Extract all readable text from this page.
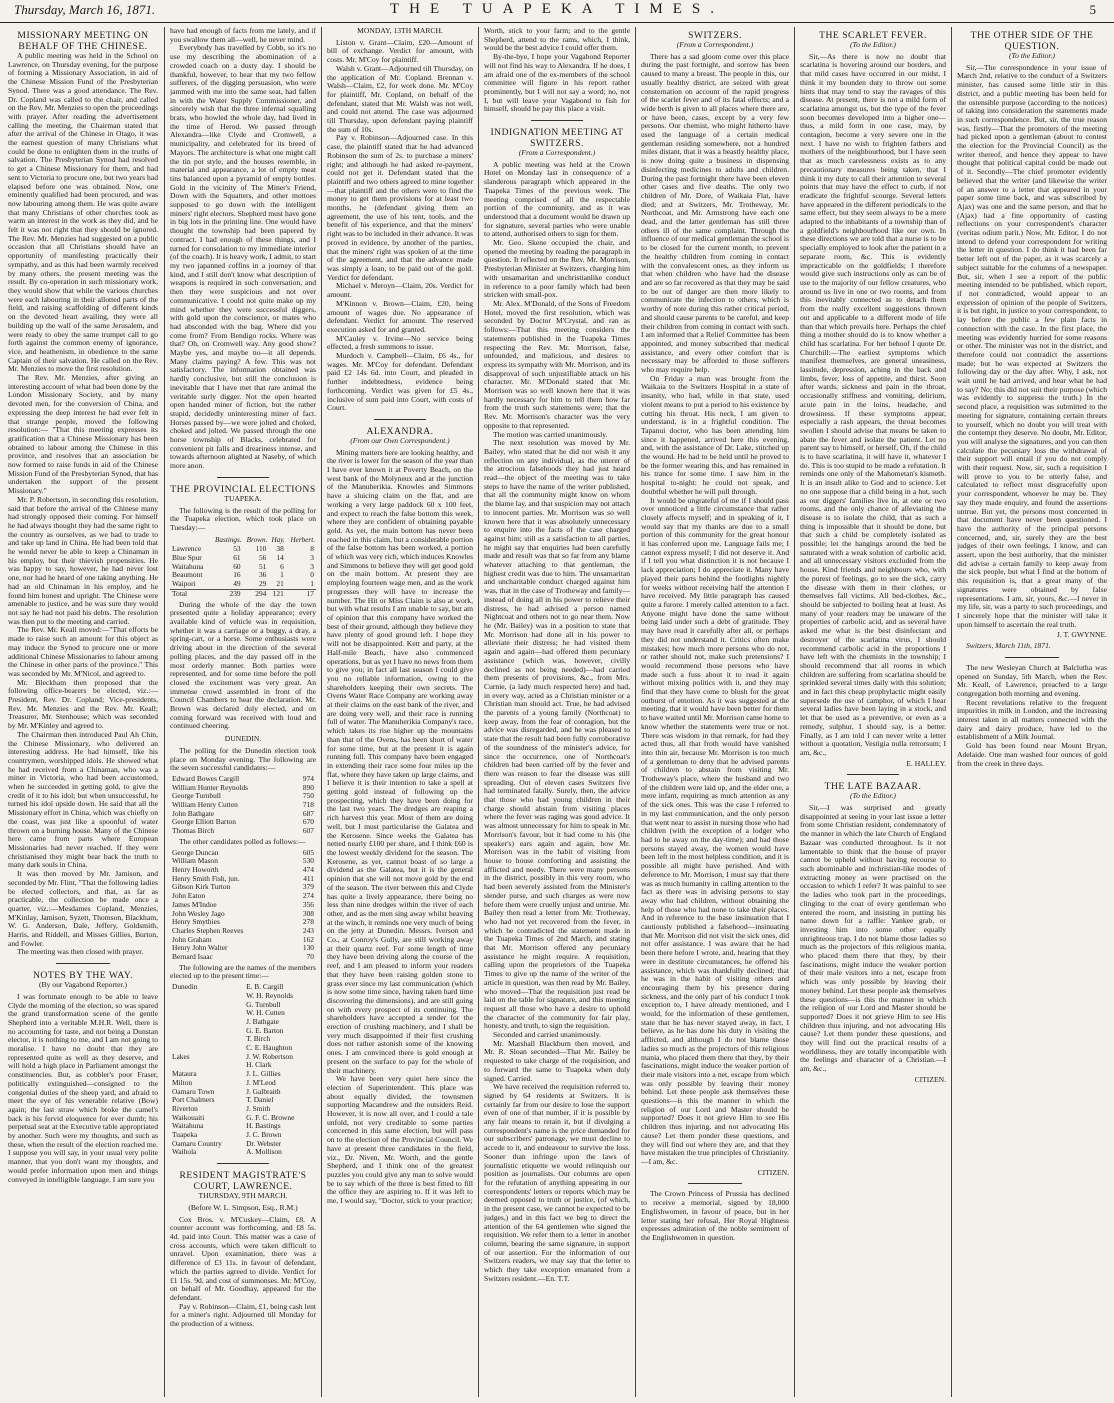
Thursday, March 16, 1871.	THE TUAPEKA TIMES.	5
MISSIONARY MEETING ON BEHALF OF THE CHINESE.

A public meeting was held in the School on Lawrence, on Thursday evening, for the purpose of forming a Missionary Association, in aid of the Chinese Mission Fund of the Presbyterian Synod. There was a good attendance. The Rev. Dr. Copland was called to the chair, and called on the Rev. Mr. Menzies to open the proceedings with prayer. After reading the advertisement calling the meeting, the Chairman stated that after the arrival of the Chinese in Otago, it was the earnest question of many Christians what could be done to enlighten them in the truths of salvation. The Presbyterian Synod had resolved to get a Chinese Missionary for them, and had sent to Victoria to procure one, but two years had elapsed before one was obtained. Now, one eminently qualified had been procured, and was now labouring among them. He was quite aware that many Christians of other churches took as warm an interest in the work as they did, and he felt it was not right that they should be ignored. The Rev. Mr. Menzies had suggested on a public occasion that all Christians should have an opportunity of manifesting practically their sympathy, and as this had been warmly received by many others, the present meeting was the result. By co-operation in such missionary work, they would show that while the various churches were each labouring in their allotted parts of the field, and raising scaffolding of different kinds on the devoted heart availing, they were all building up the wall of the same Jerusalem, and were ready to obey the same trumpet call to go forth against the common enemy of ignorance, vice, and heathenism, in obedience to the same Captain of their salvation. He called on the Rev. Mr. Menzies to move the first resolution.

The Rev. Mr. Menzies, after giving an interesting account of what had been done by the London Missionary Society, and by many devoted men, for the conversion of China, and expressing the deep interest he had ever felt in that strange people, moved the following resolution:— "That this meeting expresses its gratification that a Chinese Missionary has been obtained to labour among the Chinese in this province, and resolves that an association be now formed to raise funds in aid of the Chinese Mission Fund of the Presbyterian Synod, that has undertaken the support of the present Missionary."

Mr. P. Robertson, in seconding this resolution, said that before the arrival of the Chinese many had strongly opposed their coming. For himself he had always thought they had the same right to the country as ourselves, as we had to trade to and take up land in China. He had been told that he would never be able to keep a Chinaman in his employ, but their thievish propensities. He was happy to say, however, he had never lost one, nor had he heard of one taking anything. He had an old Chinaman in his employ, and he found him honest and upright. The Chinese were amenable to justice, and he was sure they would not say he had not paid his debts. The resolution was then put to the meeting and carried.

The Rev. Mr. Keall moved:—"That efforts be made to raise such an amount for this object as may induce the Synod to procure one or more additional Chinese Missionaries to labour among the Chinese in other parts of the province." This was seconded by Mr. M'Nicol, and agreed to.

Mr. Bleckham then proposed that the following office-bearers be elected, viz.:—President, Rev. Dr. Copland; Vice-presidents, Rev. Mr. Menzies and the Rev. Mr. Keall; Treasurer, Mr. Stenhouse; which was seconded by Mr. M'Kinley and agreed to.

The Chairman then introduced Paul Ah Chin, the Chinese Missionary, who delivered an interesting address. He had himself, like his countrymen, worshipped idols. He showed what he had received from a Chinaman, who was a miner in Victoria, who had been accustomed, when he succeeded in getting gold, to give the credit of it to his idol; but when unsuccessful, he turned his idol upside down. He said that all the Missionary effort in China, which was chiefly on the coast, was just like a spoonful of water thrown on a burning house. Many of the Chinese here came from parts where European Missionaries had never reached. If they were christianised they might bear back the truth to many dark souls in China.

It was then moved by Mr. Jamison, and seconded by Mr. Flint, "That the following ladies be elected collectors, and that, as far as practicable, the collection be made once a quarter, viz.:—Mesdames Copland, Menzies, M'Kinlay, Jamison, Syzett, Thomson, Blackham, W. G. Anderson, Dale, Jeffery, Goldsmith, Harris, and Riddell, and Misses Gillies, Burton, and Fowler.

The meeting was then closed with prayer.

NOTES BY THE WAY.
(By our Vagabond Reporter.)

I was fortunate enough to be able to leave Clyde the morning of the election, so was spared the grand transformation scene of the gentle Shepherd into a veritable M.H.R. Well, there is no accounting for taste, and not being a Dunstan elector, it is nothing to me, and I am not going to moralise. I have no doubt that they are represented quite as well as they deserve, and will hold a high place in Parliament amongst the constituencies. But, as cobbler's poor Fraser, politically extinguished—consigned to the congenial duties of the sheep yard, and afraid to meet the eye of his venerable relative (Bow) again; the last straw which broke the camel's back is his fervid eloquence for ever dumb; his perpetual seat at the Executive table appropriated by another. Such were my thoughts, and such as these, when the result of the election reached me. I suppose you will say, in your usual very polite manner, that you don't want my thoughts, and would prefer information upon men and things conveyed in intelligible language. I am sure you

have had enough of facts from me lately, and if you swallow them all—well, he never mind.

Everybody has travelled by Cobb, so it's no use my describing the abomination of a crowded coach on a dusty day. I should be thankful, however, to hear that my two fellow sufferers, of the digging persuasion, who were jammed with me into the same seat, had fallen in with the Water Supply Commissioner, and sincerely wish that the three infernal squalling brats, who howled the whole day, had lived in the time of Herod. We passed through Alexandra—like Clyde and Cromwell, a municipality, and celebrated for its breed of Mayors. The architecture is what one might call the tin pot style, and the houses resemble, in material and appearance, a lot of empty meat tins balanced upon a pyramid of empty bottles. Gold in the vicinity of The Miner's Friend, Down with the Squatters, and other mottoes supposed to go down with the intelligent miners' right electors. Shepherd must have gone in big lots in the printing line. One would have thought the township had been papered by contract. I had enough of these things, and I turned for consolation to my immediate interior (of the coach). It is heavy work, I admit, to start my two japanned coffins in a journey of that kind, and I still don't know what description of weapons is required in such conversation, and then they were suspicious and not over communicative. I could not quite make up my mind whether they were successful diggers, with gold upon the conscience, or mates who had absconded with the bag. Where did you come from? From Bendigo rocks. Where was that? Oh, on Cromwell way. Any good show? Maybe yes, and maybe no—it all depends. Many claims paying? A few. This was not satisfactory. The information obtained was hardly conclusive, but still the conclusion is inevitable that I have met that rare animal the veritable surly digger. Not the open hearted open handed miner of fiction, but the rather stupid, decidedly uninteresting miner of fact. Horses passed by—we were jolted and choked, choked and jolted. We passed through the one horse township of Blacks, celebrated for convenient pit falls and dreariness intense, and towards afternoon alighted at Naseby, of which more anon.

THE PROVINCIAL ELECTIONS
TUAPEKA.

The following is the result of the polling for the Tuapeka election, which took place on Tuesday:—

	Bastings.	Brown.	Hay.	Herbert.
Lawrence	53	110	38	8
Blue Spur	61	56	14	3
Waitahuna	60	51	6	3
Beaumont	16	36	1	0
Waipori	49	29	21	1
Total	239	294	121	17

During the whole of the day the town presented quite a holiday appearance; every available kind of vehicle was in requisition, whether it was a carriage or a buggy, a dray, a spring-cart, or a horse. Some enthusiasts were driving about in the direction of the several polling places, and the day passed off in the most orderly manner. Both parties were represented, and for some time before the poll closed the excitement was very great. An immense crowd assembled in front of the Council Chambers to hear the declaration. Mr. Brown was declared duly elected, and on coming forward was received with loud and continued cheering.

DUNEDIN.

The polling for the Dunedin election took place on Monday evening. The following are the seven successful candidates:—

Edward Bowes Cargill	974
William Hunter Reynolds	890
George Turnbull	750
William Henry Cutten	718
John Bathgate	687
George Elliott Barton	670
Thomas Birch	607

The other candidates polled as follows:—

George Duncan	605
William Mason	530
Henry Howorth	474
Henry Smith Fish, jun.	411
Gibson Kirk Turton	379
John Eaton	274
James M'Indoe	356
John Wesley Jago	308
Henry Smythies	278
Charles Stephen Reeves	243
John Graham	162
Henry John Walter	130
Bernard Isaac	70

The following are the names of the members elected up to the present time:—

Dunedin	E. B. Cargill
	W. H. Reynolds
	G. Turnbull
	W. H. Cutten
	J. Bathgate
	G. E. Barton
	T. Birch
	C. E. Haughton
Lakes	J. W. Robertson
	H. Clark
Mataura	J. L. Gillies
Milton	J. M'Leod
Oamaru Town	J. Galbraith
Port Chalmers	T. Daniel
Riverton	J. Smith
Waikouaiti	G. F. C. Browne
Waitahuna	H. Bastings
Tuapeka	J. C. Brown
Oamaru Country	Dr. Webster
Waihola	A. Mollison
RESIDENT MAGISTRATE'S COURT, LAWRENCE.
THURSDAY, 9TH MARCH.
(Before W. L. Simpson, Esq., R.M.)

Cox Bros. v. M'Cuskey—Claim, £8. A counter account was forthcoming, and £8 5s. 4d. paid into Court. This matter was a case of cross accounts, which were taken difficult to unravel. Upon examination, there was a difference of £3 11s. in favour of defendant, which the parties agreed to divide. Verdict for £1 15s. 9d. and cost of summonses. Mr. M'Coy, on behalf of Mr. Goodhay, appeared for the defendant.

Pay v. Robinson—Claim, £1, being cash lent for a miner's right. Adjourned till Monday for the production of a witness.

MONDAY, 13TH MARCH.

Liston v. Grant—Claim, £20—Amount of bill of exchange. Verdict for amount, with costs. Mr. M'Coy for plaintiff.

Walsh v. Grant—Adjourned till Thursday, on the application of Mr. Copland. Brennan v. Walsh—Claim, £2, for work done. Mr. M'Coy for plaintiff, Mr. Copland, on behalf of the defendant, stated that Mr. Walsh was not well, and could not attend. The case was adjourned till Thursday, upon defendant paying plaintiff the sum of 10s.

Pay v. Robinson—Adjourned case. In this case, the plaintiff stated that he had advanced Robinson the sum of 2s. to purchase a miners' right; and although he had asked re-payment, could not get it. Defendant stated that the plaintiff and two others agreed to mine together—that plaintiff and the others were to find the money to get them provisions for at least two months, he (defendant giving them an agreement, the use of his tent, tools, and the benefit of his experience, and that the miners' right was to be included in their advance. It was proved in evidence, by another of the parties, that the miners' right was spoken of at the time of the agreement, and that the advance made was simply a loan, to be paid out of the gold. Verdict for defendant.

Michael v. Meroyn—Claim, 20s. Verdict for amount.

M'Kinnon v. Brown—Claim, £20, being amount of wages due. No appearance of defendant. Verdict for amount. The reserved execution asked for and granted.

M'Cauley v. Irvine—No service being effected, a fresh summons to issue.

Murdoch v. Campbell—Claim, £6 4s., for wages. Mr. M'Coy for defendant. Defendant paid £2 14s 6d. into Court, and pleaded in further indebtedness, evidence being forthcoming. Verdict was given for £5 4s., inclusive of sum paid into Court, with costs of Court.

ALEXANDRA.
(From our Own Correspondent.)

Mining matters here are looking healthy, and the river is lower for the season of the year than I have ever known it at Poverty Beach, on the west bank of the Molyneux and at the junction of the Manuherikia. Knowles and Simmons have a sluicing claim on the flat, and are working a very large paddock 60 x 100 feet, and expect to reach the false bottom this week, where they are confident of obtaining payable gold. As yet, the main bottom has never been reached in this claim, but a considerable portion of the false bottom has been worked, a portion of which was very rich, which induces Knowles and Simmons to believe they will get good gold on the main bottom. At present they are employing fourteen wage men, and as the work progresses they will have to increase the number. The Hit or Miss Claim is also at work, but with what results I am unable to say, but am of opinion that this company have worked the best of their ground, although they believe they have plenty of good ground left. I hope they will not be disappointed. Kett and party, at the Half-mile Beach, have also commenced operations, but as yet I have no news from them to give you; in fact all last season I could give you no reliable information, owing to the shareholders keeping their own secrets. The Ovens Water Race Company are working away at their claims on the east bank of the river, and are doing very well, and their race is running full of water. The Manuherikia Company's race, which takes its rise higher up the mountains than that of the Ovens, has been short of water for some time, but at the present it is again running full. This company have been engaged in extending their race some four miles up the flat, where they have taken up large claims, and I believe it is their intention to take a spell at getting gold instead of following up the prospecting, which they have been doing for the last two years. The dredges are reaping a rich harvest this year. Most of them are doing well, but I must particularise the Galatea and the Kerosene. Since weeks the Galatea has netted nearly £100 per share, and I think £60 is the lowest weekly dividend for the season. The Kerosene, as yet, cannot boast of so large a dividend as the Galatea, but it is the general opinion that she will not move gold by the end of the season. The river between this and Clyde has quite a lively appearance, there being no less than nine dredges within the river of each other, and as the men sing away whilst heaving at the winch, it reminds one very much of being on the jetty at Dunedin. Messrs. Iverson and Co., at Conroy's Gully, are still working away at their quartz reef. For some length of time they have been driving along the course of the reef, and I am pleased to inform your readers that they have been raising golden stone to grass ever since my last communication (which is now some time since, having taken hard time discovering the dimensions), and are still going on with every prospect of its continuing. The shareholders have accepted a tender for the erection of crushing machinery, and I shall be very much disappointed if their first crushing does not rather astonish some of the knowing ones. I am convinced there is gold enough at present on the surface to pay for the whole of their machinery.

We have been very quiet here since the election of Superintendent. This place was about equally divided, the townsmen supporting Macandrew and the outsiders Reid. However, it is now all over, and I could a tale unfold, not very creditable to some parties concerned in this same election, but will pass on to the election of the Provincial Council. We have at present three candidates in the field, viz., Dr. Niven, Mr. Worth, and the gentle Shepherd, and I think one of the greatest puzzles you could give any man to solve would be to say which of the three is best fitted to fill the office they are aspiring to. If it was left to me, I would say, "Doctor, stick to your practice;

Worth, stick to your farm; and to the gentle Shepherd, attend to the rams, which, I think, would be the best advice I could offer them.

By-the-bye, I hope your Vagabond Reporter will not find his way to Alexandra. If he does, I am afraid one of the ex-members of the school committee will figure in his report rather prominently, but I will not say a word; no, not I, but will leave your Vagabond to fish for himself, should he pay this place a visit.

INDIGNATION MEETING AT SWITZERS.
(From a Correspondent.)

A public meeting was held at the Crown Hotel on Monday last in consequence of a slanderous paragraph which appeared in the Tuapeka Times of the previous week. The meeting comprised of all the respectable portion of the community, and as it was understood that a document would be drawn up for signature, several parties who were unable to attend, authorised others to sign for them.

Mr. Geo. Skene occupied the chair, and opened the meeting by reading the paragraph in question. It reflected on the Rev. Mr. Morrison, Presbyterian Minister at Switzers, charging him with unsamaritan and unchristianlike conduct in reference to a poor family which had been stricken with small-pox.

Mr. Alex. M'Donald, of the Sons of Freedom Hotel, moved the first resolution, which was seconded by Doctor M'Crystal, and ran as follows:—That this meeting considers the statements published in the Tuapeka Times respecting the Rev. Mr. Morrison, false, unfounded, and malicious, and desires to express its sympathy with Mr. Morrison, and its disapproval of such unjustifiable attack on his character. Mr. M'Donald stated that Mr. Morrison was so well known here that it was hardly necessary for him to tell them how far from the truth such statements were; that the Rev. Mr. Morrison's character was the very opposite to that represented.

The motion was carried unanimously.

The next resolution was moved by Mr. Bailey, who stated that he did not wish it any reflection on any individual, as the utterer of the atrocious falsehoods they had just heard read—the object of the meeting was to take steps to have the name of the writer published, that all the community might know on whom the blame lay, and that suspicion may not attach to innocent parties. Mr. Morrison was so well known here that it was absolutely unnecessary to enquire into the facts of the case charged against him; still as a satisfaction to all parties, he might say that enquiries had been carefully made and result was that so far from any blame whatever attaching to that gentleman, the highest credit was due to him. The unsamaritan and uncharitable conduct charged against him was, that in the case of Trotheway and family—instead of doing all in his power to relieve their distress, he had advised a person named Nightcoat and others not to go near them. Now he (Mr. Bailey) was in a position to state that Mr. Morrison had done all in his power to alleviate their distress; he had visited them again and again—had offered them pecuniary assistance (which was, however, civilly declined as not being needed)—had carried them presents of provisions, &c., from Mrs. Curnie, (a lady much respected here) and had, in every way, acted as a Christian minister or a Christian man should act. True, he had advised the parents of a young family (Northcoat) to keep away, from the fear of contagion, but the advice was disregarded, and he was pleased to state that the result had been fully corroborative of the soundness of the minister's advice, for since the occurrence, one of Northcoat's children had been carried off by the fever and there was reason to fear the disease was still spreading. Out of eleven cases Switzers five had terminated fatally. Surely, then, the advice that those who had young children in their charge should abstain from visiting places where the fever was raging was good advice. It was almost unnecessary for him to speak in Mr. Morrison's favour, but it had come to his (the speaker's) ears again and again, how Mr. Morrison was in the habit of visiting from house to house comforting and assisting the afflicted and needy. There were many persons in the district, possibly in this very room, who had been severely assisted from the Minister's slender purse, and such charges as were now before them were cruelly unjust and untrue. Mr. Bailey then read a letter from Mr. Trotheway, who had not yet recovered from the fever, in which he contradicted the statement made in the Tuapeka Times of 2nd March, and stating that Mr. Morrison offered any pecuniary assistance he might require. A requisition, calling upon the proprietors of the Tuapeka Times to give up the name of the writer of the article in question, was then read by Mr. Bailey, who moved—That the requisition just read be laid on the table for signature, and this meeting request all those who have a desire to uphold the character of the community for fair play, honesty, and truth, to sign the requisition.

Seconded and carried unanimously.

Mr. Marshall Blackburn then moved, and Mr. R. Sloan seconded—That Mr. Bailey be requested to take charge of the requisition, and to forward the same to Tuapeka when duly signed. Carried.

We have received the requisition referred to, signed by 64 residents at Switzers. It is certainly far from our desire to lose the support even of one of that number, if it is possible by any fair means to retain it, but if divulging a correspondent's name is the price demanded for our subscribers' patronage, we must decline to accede to it, and endeavour to survive the loss. Sooner than infringe upon the laws of journalistic etiquette we would relinquish our position as journalists. Our columns are open for the refutation of anything appearing in our correspondents' letters or reports which may be deemed opposed to truth or justice, (of which, in the present case, we cannot be expected to be judges,) and in this fact we beg to direct the attention of the 64 gentlemen who signed the requisition. We refer them to a letter in another column, bearing the same signature, in support of our assertion. For the information of our Switzers readers, we may say that the letter to which they take exception emanated from a Switzers resident.—En. T.T.

SWITZERS.
(From a Correspondent.)

There has a sad gloom come over this place during the past fortnight, and sorrow has been caused to many a breast. The people in this, our usually healthy district, are seized with great consternation on account of the rapid progress of the scarlet fever and of its fatal effects; and a wide berth is given to all places where there are, or have been, cases, except by a very few persons. Our chemist, who might hitherto have used the language of a certain medical gentleman residing somewhere, not a hundred miles distant, that it was a beastly healthy place, is now doing quite a business in dispensing disinfecting medicines to adults and children. During the past fortnight there have been eleven other cases and five deaths. The only two children of Mr. Dore, of Waikaia Flat, have died; and at Switzers, Mr. Trotheway, Mr. Northcoat, and Mr. Armstrong have each one dead, and the latter gentleman has still three others ill of the same complaint. Through the influence of our medical gentleman the school is to be closed for the current month, to prevent the healthy children from coming in contact with the convalescent ones, as they inform us that when children who have had the disease and are so far recovered as that they may be said to be out of danger are then more likely to communicate the infection to others, which is worthy of note during this rather critical period, and should cause parents to be careful, and keep their children from coming in contact with such. I am informed that a Relief Committee has been appointed, and money subscribed that medical assistance, and every other comfort that is necessary may be afforded to those sufferers who may require help.

On Friday a man was brought from the Waikaia to the Switzers Hospital in a state of insanity, who had, while in that state, used violent means to put a period to his existence by cutting his throat. His neck, I am given to understand, is in a frightful condition. The Tapanui doctor, who has been attending him since it happened, arrived here this evening, and, with the assistance of Dr. Lake, stitched up the wound. He had to be held until he proved to be the former wearing this, and has remained in his trance for some time. I saw him in the hospital to-night: he could not speak, and doubtful whether he will pull through.

It would be ungrateful of me if I should pass over unnoticed a little circumstance that rather closely affects myself; and in speaking of it, I would say that my thanks are due to a small portion of this community for the great honour it has conferred upon me. Language fails me; I cannot express myself; I did not deserve it. And if I tell you what distinction it is not because I lack appreciation; I do appreciate it. Many have played their parts behind the footlights nightly for weeks without receiving half the attention I have received. My little paragraph has caused quite a furore. I merely called attention to a fact. Anyone might have done the same without being laid under such a debt of gratitude. They may have read it carefully after all, or perhaps they did not understand it. Critics often make mistakes; how much more persons who do not, or rather should not, make such pretensions? I would recommend those persons who have made such a fuss about it to read it again without mixing politics with it, and they may find that they have come to blush for the great outburst of emotion. As it was suggested at the meeting, that it would have been better for them to have waited until Mr. Morrison came home to know whether the statements were true or not. There was wisdom in that remark, for had they acted thus, all that froth would have vanished into thin air, because Mr. Morrison is too much of a gentleman to deny that he advised parents of children to abstain from visiting Mr. Trotheway's place, where the husband and two of the children were laid up, and the elder one, a mere infant, requiring as much attention as any of the sick ones. This was the case I referred to in my last communication, and the only person that went near to assist in nursing those who had children (with the exception of a lodger who had to be away on the day-time); and had those persons stayed away, the women would have been left in the most helpless condition, and it is possible all might have perished. And with deference to Mr. Morrison, I must say that there was as much humanity in calling attention to the fact as there was in advising persons to stay away who had children, without obtaining the help of those who had none to take their places. And in reference to the base insinuation that I cautiously published a falsehood—insinuating that Mr. Morrison did not visit the sick ones, did not offer assistance. I was aware that he had been there before I wrote, and, hearing that they were in destitute circumstances, he offered his assistance, which was thankfully declined; that he was in the habit of visiting others and encouraging them by his presence during sickness, and the only part of his conduct I took exception to, I have already mentioned, and I would, for the information of these gentlemen, state that he has never stayed away, in fact, I believe, as he has done his duty in visiting the afflicted, and although I do not blame those ladies so much as the projectors of this religious mania, who placed them there that they, by their fascinations, might induce the weaker portion of their male visitors into a net, escape from which was only possible by leaving their money behind. Let these people ask themselves these questions—is this the manner in which the religion of our Lord and Master should be supported? Does it not grieve Him to see His children thus injuring, and not advocating His cause? Let them ponder these questions, and they will find out where they are, and that they have mistaken the true principles of Christianity.—I am, &c.

CITIZEN.

The Crown Princess of Prussia has declined to receive a memorial, signed by 18,000 Englishwomen, in favour of peace, but in her letter stating her refusal, Her Royal Highness expresses admiration of the noble sentiment of the Englishwomen in question.

THE SCARLET FEVER.
(To the Editor.)

Sir,—As there is now no doubt that scarlatina is hovering around our borders, and that mild cases have occurred in our midst, I think it my bounden duty to throw out some hints that may tend to stay the ravages of this disease. At present, there is not a mild form of scarlatina amongst us, but the type of the fever soon becomes developed into a higher one—thus, a mild form in one case, may, by contagion, become a very severe one in the next. I have no wish to frighten fathers and mothers of the neighbourhood, but I have seen that as much carelessness exists as to any precautionary measures being taken, that I think it my duty to call their attention to several points that may have the effect to curb, if not eradicate the frightful scourge. Several letters have appeared in the different periodicals to the same effect, but they seem always to be a mere adapted to the inhabitants of a township than of a goldfield's neighbourhood like our own. In these directions we are told that a nurse is to be specially employed to look after the patient in a separate room, &c. This is evidently impracticable on the goldfields; I therefore would give such instructions only as can be of use to the majority of our fellow creatures, who around us live in one or two rooms, and from this inevitably connected as to detach them from the really excellent suggestions thrown out and applicable to a different mode of life than that which prevails here. Perhaps the chief thing a mother should do is to know whether a child has scarlatina. For her behoof I quote Dr. Churchill:—The earliest symptoms which manifest themselves, are general uneasiness, lassitude, depression, aching in the back and limbs, fever, loss of appetite, and thirst. Soon after wards, sickness and pain in the throat, occasionally stiffness and vomiting, delirium, acute pain in the loins, headache, and drowsiness. If these symptoms appear, especially a rash appears, the throat becomes swollen I should advise that means be taken to abate the fever and isolate the patient. Let no parent say to himself, or herself, Oh, if the child is to have scarlatina, it will have it, whatever I do. This is too stupid to be made a refutation. It reminds one only of the Mahometan's kismeth. It is an insult alike to God and to science. Let no one suppose that a child being in a hut, such as our diggers' families live in, at one or two rooms, and the only chance of alleviating the disease is to isolate the child, that as such a thing is impossible that it should be done, but that such a child be completely isolated as possible; let the hangings around the bed be saturated with a weak solution of carbolic acid, and all unnecessary visitors excluded from the house. Kind friends and neighbours who, with the purest of feelings, go to see the sick, carry the disease with them in their clothes, or themselves fall victims. All bed-clothes, &c., should be subjected to boiling heat at least. As many of your readers may be unaware of the properties of carbolic acid, and as several have asked me what is the best disinfectant and destroyer of the scarlatina virus, I should recommend carbolic acid in the proportions I have left with the chemists in the township; I should recommend that all rooms in which children are suffering from scarlatina should be sprinkled several times daily with this solution; and in fact this cheap prophylactic might easily supersede the use of camphor, of which I hear several ladies have been laying in a stock, and let that be used as a preventive, or even as a remedy, sulphur, I should say, is a better. Finally, as I am told I can never write a letter without a quotation, Vestigia nulla retrorsum; I am, &c.,

E. HALLEY.
THE LATE BAZAAR.
(To the Editor.)

Sir,—I was surprised and greatly disappointed at seeing in your last issue a letter from some Christian resident, condemnatory of the manner in which the late Church of England Bazaar was conducted throughout. Is it not lamentable to think that the house of prayer cannot be upheld without having recourse to such abominable and inchristian-like modes of extracting money as were practised on the occasion to which I refer? It was painful to see the ladies who took part in the proceedings, clinging to the coat of every gentleman who entered the room, and insisting in putting his name down for a raffle: Yankee grab, or investing him into some other equally unrighteous trap. I do not blame those ladies so much as the projectors of this religious mania, who placed them there that they, by their fascinations, might induce the weaker portion of their male visitors into a net, escape from which was only possible by leaving their money behind. Let these people ask themselves these questions—is this the manner in which the religion of our Lord and Master should be supported? Does it not grieve Him to see His children thus injuring, and not advocating His cause? Let them ponder these questions, and they will find out the practical results of a worldliness, they are totally incompatible with the feelings and character of a Christian.—I am, &c.,

CITIZEN.
THE OTHER SIDE OF THE QUESTION.
(To the Editor.)

Sir,—The correspondence in your issue of March 2nd, relative to the conduct of a Switzers minister, has caused some little stir in this district, and a public meeting has been held for the ostensible purpose (according to the notices) of taking into consideration the statements made in such correspondence. But, sir, the true reason was, firstly—That the promoters of the meeting had picked upon a gentleman (about to contest the election for the Provincial Council) as the writer thereof, and hence they appear to have thought that political capital could be made out of it. Secondly—The chief promoter evidently believed that the writer (and likewise the writer of an answer to a letter that appeared in your paper some time back, and was subscribed by Ajax) was one and the same person, and that he (Ajax) had a fine opportunity of casting reflections on your correspondent's character (veritas odium parit.) Now, Mr. Editor, I do not intend to defend your correspondent for writing the letter in question. I do think it had been far better left out of the paper, as it was scarcely a subject suitable for the columns of a newspaper. But, sir, when I see a report of the public meeting intended to be published, which report, if not contradicted, would appear to an expression of opinion of the people of Switzers, it is but right, in justice to your correspondent, to lay before the public a few plain facts in connection with the case. In the first place, the meeting was evidently hurried for some reasons or other. The minister was not in the district, and therefore could not contradict the assertions made; but he was expected at Switzers the following day or the day after. Why, I ask, not wait until he had arrived, and hear what he had to say? No; this did not suit their purpose (which was evidently to suppress the truth.) In the second place, a requisition was submitted to the meeting for signature, containing certain threats to yourself, which no doubt you will treat with the contempt they deserve. No doubt, Mr. Editor, you will analyse the signatures, and you can then calculate the pecuniary loss the withdrawal of their support will entail if you do not comply with their request. Now, sir, such a requisition I will prove to you to be utterly false, and calculated to reflect most disgracefully upon your correspondent, whoever he may be. They say they made enquiry, and found the assertions untrue. But yet, the persons most concerned in that document have never been questioned. I have the authority of the principal persons concerned, and, sir, surely they are the best judges of their own feelings. I know, and can assert, upon the best authority, that the minister did advise a certain family to keep away from the sick people, but what I find at the bottom of this requisition is, that a great many of the signatures were obtained by false representations. I am, sir, yours, &c.—I never in my life, sir, was a party to such proceedings, and I sincerely hope that the minister will take it upon himself to ascertain the real truth.

J. T. GWYNNE.

Switzers, March 11th, 1871.

The new Wesleyan Church at Balclutha was opened on Sunday, 5th March, when the Rev. Mr. Keall, of Lawrence, preached to a large congregation both morning and evening.

Recent revelations relative to the frequent impurities in milk in London, and the increasing interest taken in all matters connected with the dairy and dairy produce, have led to the establishment of a Milk Journal.

Gold has been found near Mount Bryan, Adelaide. One man washed four ounces of gold from the creek in three days.
